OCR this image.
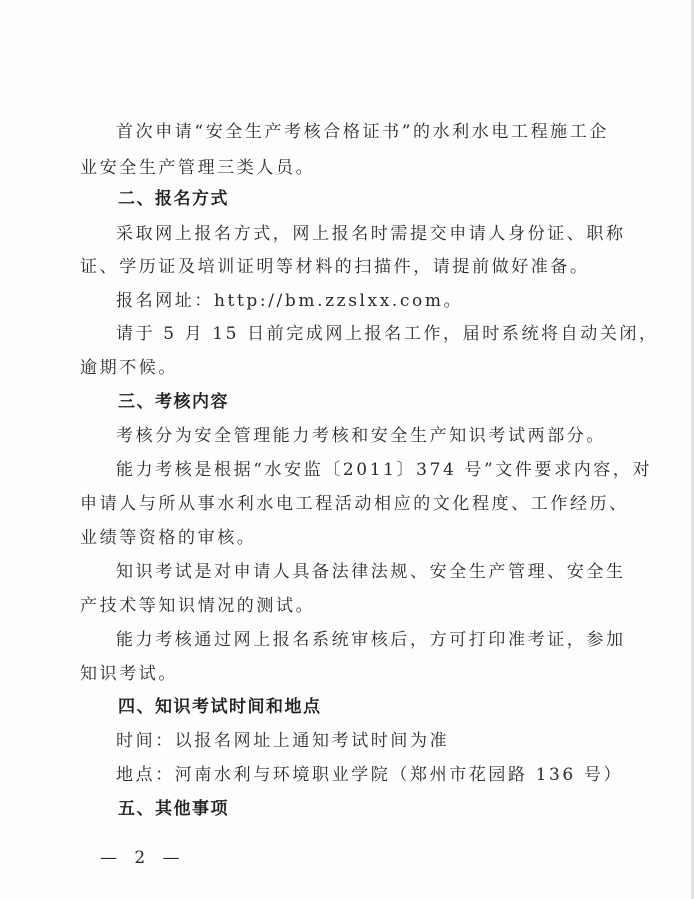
首次申请“安全生产考核合格证书”的水利水电工程施工企
业安全生产管理三类人员。
二、报名方式
采取网上报名方式，网上报名时需提交申请人身份证、职称
证、学历证及培训证明等材料的扫描件，请提前做好准备。
报名网址：http://bm.zzslxx.com。
请于 5 月 15 日前完成网上报名工作，届时系统将自动关闭，
逾期不候。
三、考核内容
考核分为安全管理能力考核和安全生产知识考试两部分。
能力考核是根据“水安监〔2011〕374 号”文件要求内容，对
申请人与所从事水利水电工程活动相应的文化程度、工作经历、
业绩等资格的审核。
知识考试是对申请人具备法律法规、安全生产管理、安全生
产技术等知识情况的测试。
能力考核通过网上报名系统审核后，方可打印准考证，参加
知识考试。
四、知识考试时间和地点
时间：以报名网址上通知考试时间为准
地点：河南水利与环境职业学院（郑州市花园路 136 号）
五、其他事项
— 2 —
